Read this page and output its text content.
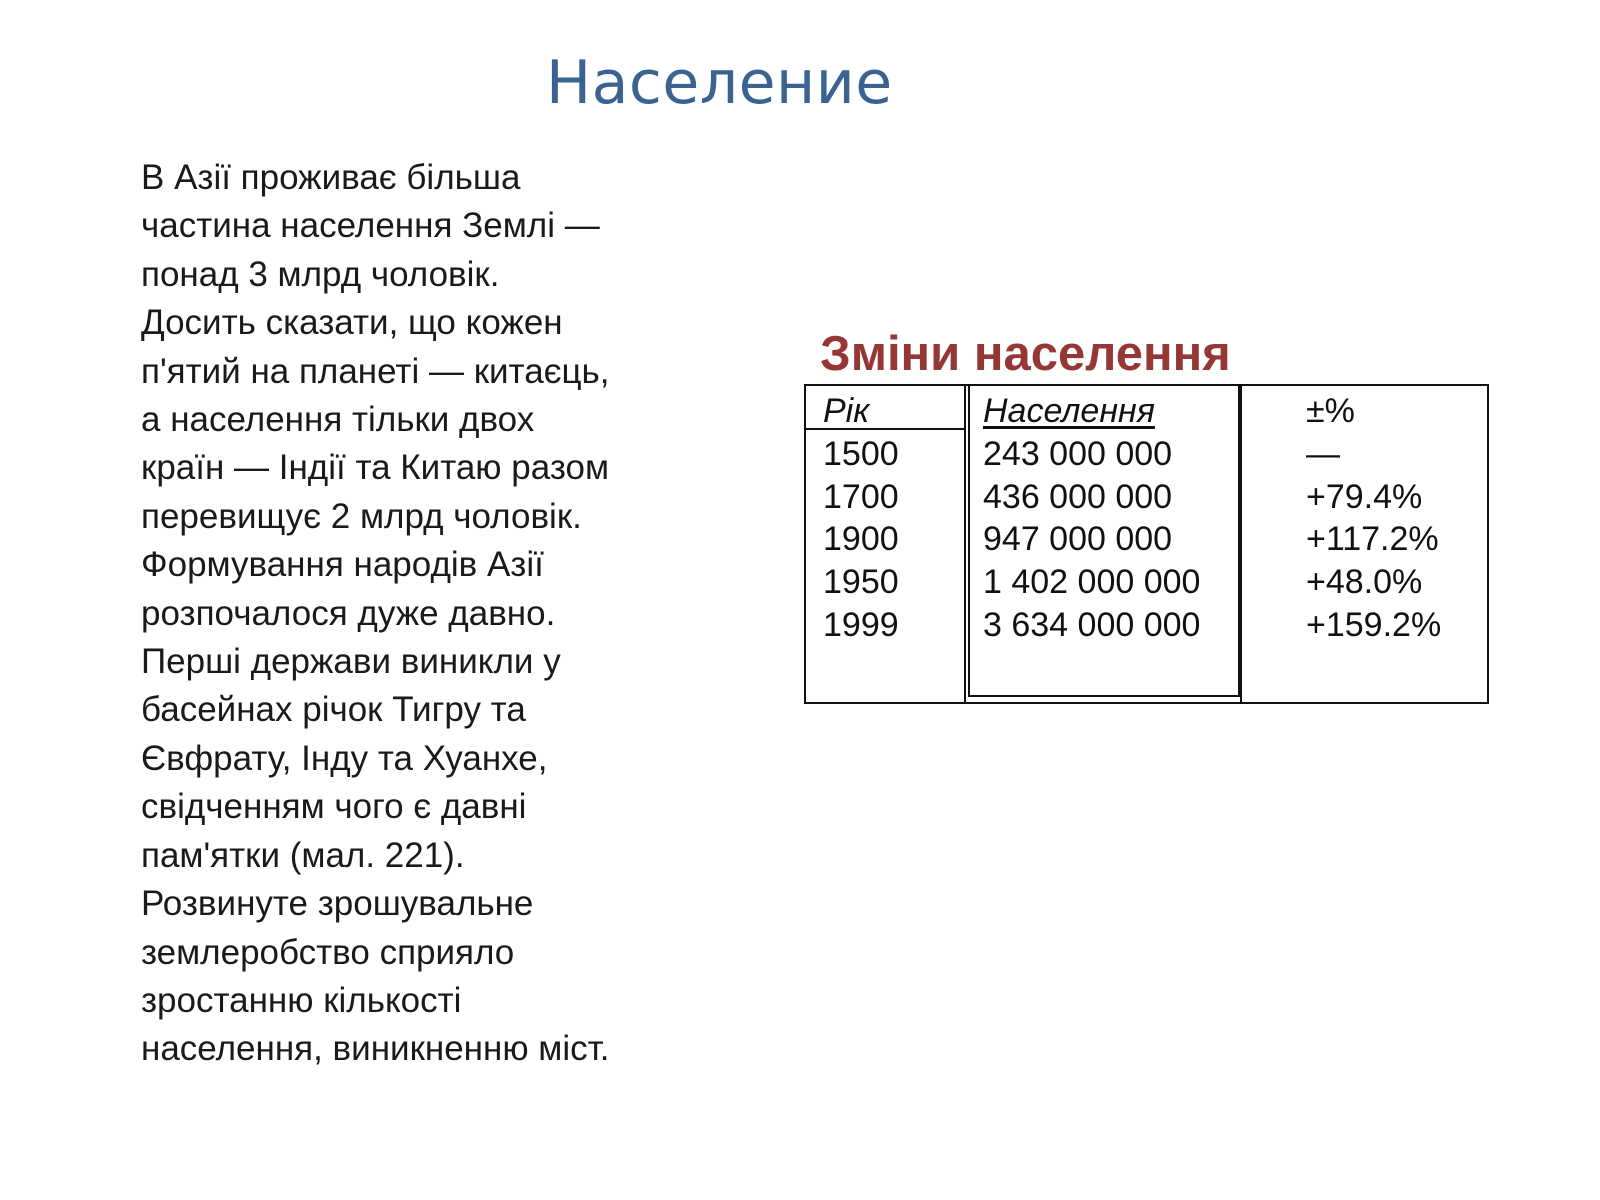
Население

В Азії проживає більша
частина населення Землі —
понад 3 млрд чоловік.
Досить сказати, що кожен
п'ятий на планеті — китаєць,
а населення тільки двох
країн — Індії та Китаю разом
перевищує 2 млрд чоловік.
Формування народів Азії
розпочалося дуже давно.
Перші держави виникли у
басейнах річок Тигру та
Євфрату, Інду та Хуанхе,
свідченням чого є давні
пам'ятки (мал. 221).
Розвинуте зрошувальне
землеробство сприяло
зростанню кількості
населення, виникненню міст.

Зміни населення
Рік
1500
1700
1900
1950
1999
Населення
243 000 000
436 000 000
947 000 000
1 402 000 000
3 634 000 000
±%
—
+79.4%
+117.2%
+48.0%
+159.2%
